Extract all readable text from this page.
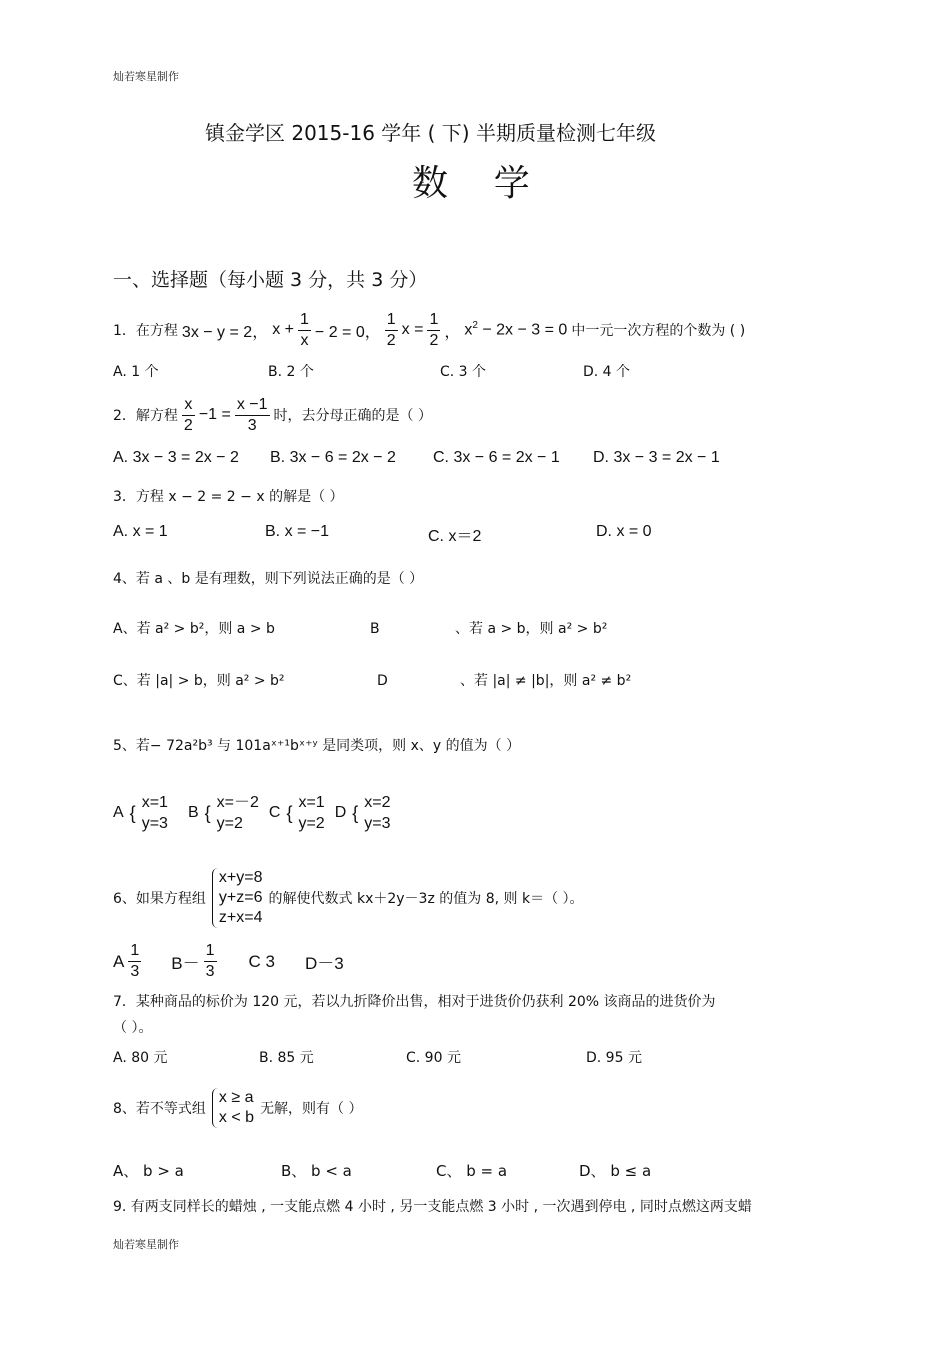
灿若寒星制作
镇金学区 2015-16 学年 ( 下) 半期质量检测七年级
数    学
一、选择题（每小题 3 分，共 3 分）
1．在方程 3x − y = 2， $x + \frac{1}{x} - 2 = 0$， $\frac{1}{2}$ $x = \frac{1}{2}$ ， $x^2 - 2x - 3 = 0$ 中一元一次方程的个数为 ( )
A. 1 个	B. 2 个	C. 3 个	D. 4 个
2．解方程 $\frac{x}{2} -1 = \frac{x -1}{3}$ 时，去分母正确的是（ ）
A. 3x − 3 = 2x − 2 B. 3x − 6 = 2x − 2 C. 3x − 6 = 2x − 1 D. 3x − 3 = 2x − 1
3．方程 x − 2 = 2 − x 的解是（ ）
A. x = 1	B. x = −1	C. x＝2	D. x = 0
4、若 a 、b 是有理数，则下列说法正确的是（ ）
A、若 a² > b²，则 a > b	B	、若 a > b，则 a² > b²
C、若 |a| > b，则 a² > b²	D	、若 |a| ≠ |b|，则 a² ≠ b²
5、若− 72a²b³ 与 101aˣ⁺¹bˣ⁺ʸ 是同类项，则 x、y 的值为（ ）
A { x=1
y=3
B { x=－2
y=2
C { x=1
y=2
D { x=2
y=3
6、如果方程组
x+y=8
y+z=6
z+x=4
的解使代数式 kx＋2y－3z 的值为 8, 则 k＝（ ）。
A $\frac{1}{3} B- \frac{1}{3}$ C 3 D－3
7．某种商品的标价为 120 元，若以九折降价出售，相对于进货价仍获利 20% 该商品的进货价为
（ ）。
A. 80 元	B. 85 元	C. 90 元	D. 95 元
8、若不等式组
x ≥ a
x < b 无解，则有（ ）
A、 b > a	B、 b < a	C、 b = a	D、 b ≤ a
9. 有两支同样长的蜡烛 , 一支能点燃 4 小时 , 另一支能点燃 3 小时 , 一次遇到停电 , 同时点燃这两支蜡
灿若寒星制作
